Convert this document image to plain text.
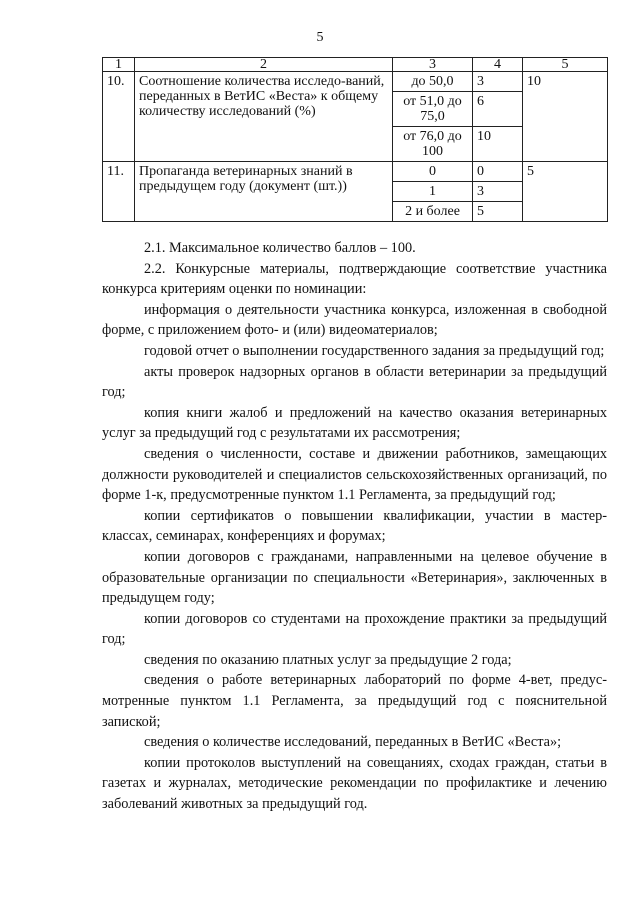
5
1	2	3	4	5
10.	Соотношение количества исследо-ваний, переданных в ВетИС «Веста» к общему количеству исследований (%)	до 50,0	3	10
		от 51,0 до 75,0	6	
		от 76,0 до 100	10	
11.	Пропаганда ветеринарных знаний в предыдущем году (документ (шт.))	0	0	5
		1	3	
		2 и более	5	

2.1. Максимальное количество баллов – 100.

2.2. Конкурсные материалы, подтверждающие соответствие участника конкурса критериям оценки по номинации:

информация о деятельности участника конкурса, изложенная в свободной форме, с приложением фото- и (или) видеоматериалов;

годовой отчет о выполнении государственного задания за предыдущий год;

акты проверок надзорных органов в области ветеринарии за предыдущий год;

копия книги жалоб и предложений на качество оказания ветеринарных услуг за предыдущий год с результатами их рассмотрения;

сведения о численности, составе и движении работников, замещающих должности руководителей и специалистов сельскохозяйственных организаций, по форме 1-к, предусмотренные пунктом 1.1 Регламента, за предыдущий год;

копии сертификатов о повышении квалификации, участии в мастер-классах, семинарах, конференциях и форумах;

копии договоров с гражданами, направленными на целевое обучение в образовательные организации по специальности «Ветеринария», заключенных в предыдущем году;

копии договоров со студентами на прохождение практики за предыдущий год;

сведения по оказанию платных услуг за предыдущие 2 года;

сведения о работе ветеринарных лабораторий по форме 4-вет, предус-мотренные пунктом 1.1 Регламента, за предыдущий год с пояснительной запиской;

сведения о количестве исследований, переданных в ВетИС «Веста»;

копии протоколов выступлений на совещаниях, сходах граждан, статьи в газетах и журналах, методические рекомендации по профилактике и лечению заболеваний животных за предыдущий год.
